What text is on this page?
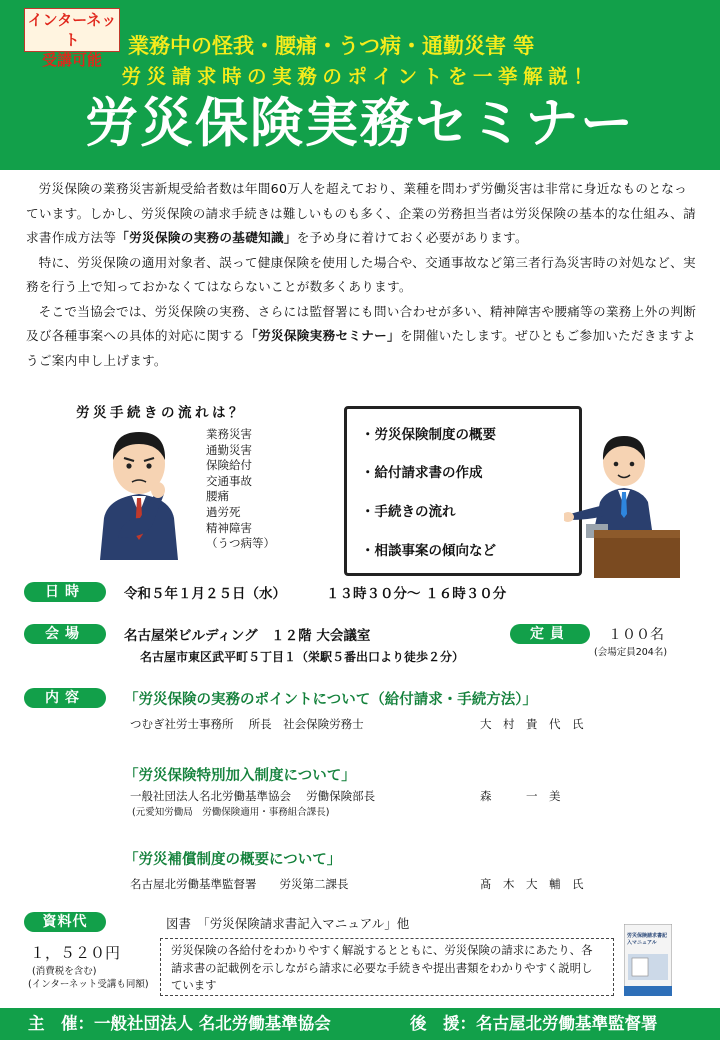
インターネット
受講可能
業務中の怪我・腰痛・うつ病・通勤災害 等
労災請求時の実務のポイントを一挙解説！
労災保険実務セミナー

労災保険の業務災害新規受給者数は年間60万人を超えており、業種を問わず労働災害は非常に身近なものとなっています。しかし、労災保険の請求手続きは難しいものも多く、企業の労務担当者は労災保険の基本的な仕組み、請求書作成方法等「労災保険の実務の基礎知識」を予め身に着けておく必要があります。

特に、労災保険の適用対象者、誤って健康保険を使用した場合や、交通事故など第三者行為災害時の対処など、実務を行う上で知っておかなくてはならないことが数多くあります。

そこで当協会では、労災保険の実務、さらには監督署にも問い合わせが多い、精神障害や腰痛等の業務上外の判断及び各種事案への具体的対応に関する「労災保険実務セミナー」を開催いたします。ぜひともご参加いただきますようご案内申し上げます。

労災手続きの流れは？
業務災害
通勤災害
保険給付
交通事故
腰痛
過労死
精神障害
（うつ病等）
・労災保険制度の概要
・給付請求書の作成
・手続きの流れ
・相談事案の傾向など
日時	令和５年１月２５日（水）	１３時３０分～ １６時３０分
会場	名古屋栄ビルディング　１２階 大会議室
名古屋市東区武平町５丁目１（栄駅５番出口より徒歩２分）
定員	１００名
(会場定員204名)
内容	「労災保険の実務のポイントについて（給付請求・手続方法）」
つむぎ社労士事務所　 所長　社会保険労務士	大　村　貴　代　氏
「労災保険特別加入制度について」
一般社団法人名北労働基準協会　 労働保険部長	森　　　一　美
(元愛知労働局　労働保険適用・事務組合課長)
「労災補償制度の概要について」
名古屋北労働基準監督署　　労災第二課長	髙　木　大　輔　氏
資料代	図書　「労災保険請求書記入マニュアル」他
１，５２０円
(消費税を含む)
(インターネット受講も同額)
労災保険の各給付をわかりやすく解説するとともに、労災保険の請求にあたり、各請求書の記載例を示しながら請求に必要な手続きや提出書類をわかりやすく説明しています
労災保険請求書記入マニュアル
主　催：一般社団法人 名北労働基準協会	後　援：名古屋北労働基準監督署
